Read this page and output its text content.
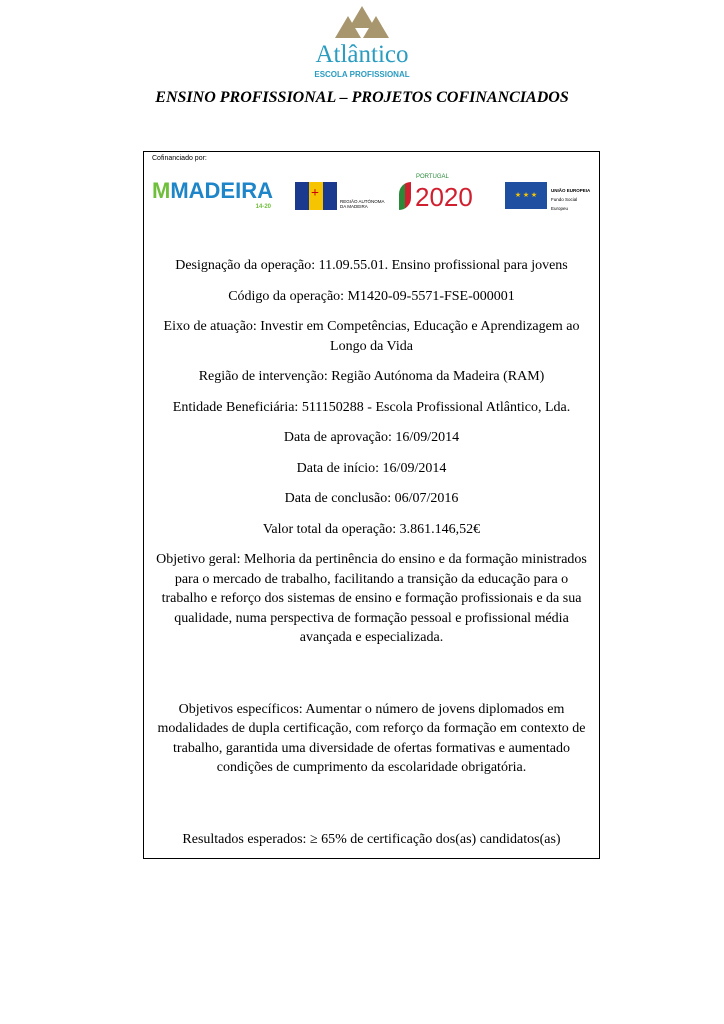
Atlântico
ESCOLA PROFISSIONAL
ENSINO PROFISSIONAL – PROJETOS COFINANCIADOS
Cofinanciado por:
MMADEIRA
14-20
+
REGIÃO AUTÓNOMA DA MADEIRA
PORTUGAL
2020	★ ★ ★
UNIÃO EUROPEIA
Fundo Social Europeu

Designação da operação: 11.09.55.01. Ensino profissional para jovens

Código da operação: M1420-09-5571-FSE-000001

Eixo de atuação: Investir em Competências, Educação e Aprendizagem ao Longo da Vida

Região de intervenção: Região Autónoma da Madeira (RAM)

Entidade Beneficiária: 511150288 - Escola Profissional Atlântico, Lda.

Data de aprovação: 16/09/2014

Data de início: 16/09/2014

Data de conclusão: 06/07/2016

Valor total da operação: 3.861.146,52€

Objetivo geral: Melhoria da pertinência do ensino e da formação ministrados para o mercado de trabalho, facilitando a transição da educação para o trabalho e reforço dos sistemas de ensino e formação profissionais e da sua qualidade, numa perspectiva de formação pessoal e profissional média avançada e especializada.

Objetivos específicos: Aumentar o número de jovens diplomados em modalidades de dupla certificação, com reforço da formação em contexto de trabalho, garantida uma diversidade de ofertas formativas e aumentado condições de cumprimento da escolaridade obrigatória.

Resultados esperados: ≥ 65% de certificação dos(as) candidatos(as)
